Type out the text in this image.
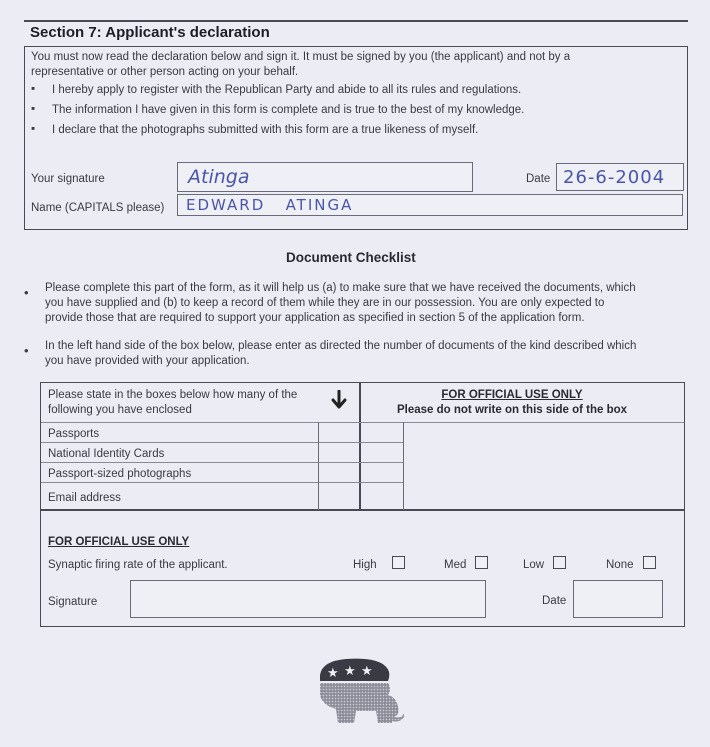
Section 7: Applicant's declaration
You must now read the declaration below and sign it. It must be signed by you (the applicant) and not by a
representative or other person acting on your behalf.
▪ I hereby apply to register with the Republican Party and abide to all its rules and regulations.
▪ The information I have given in this form is complete and is true to the best of my knowledge.
▪ I declare that the photographs submitted with this form are a true likeness of myself.
Your signature	Atinga	Date 26-6-2004
Name (CAPITALS please) EDWARD   ATINGA
Document Checklist
• Please complete this part of the form, as it will help us (a) to make sure that we have received the documents, which
you have supplied and (b) to keep a record of them while they are in our possession. You are only expected to
provide those that are required to support your application as specified in section 5 of the application form.
• In the left hand side of the box below, please enter as directed the number of documents of the kind described which
you have provided with your application.
Please state in the boxes below how many of the
following you have enclosed
FOR OFFICIAL USE ONLY
Please do not write on this side of the box
Passports
National Identity Cards
Passport-sized photographs
Email address
FOR OFFICIAL USE ONLY
Synaptic firing rate of the applicant.	High	Med	Low	None
Signature	Date
★ ★ ★
